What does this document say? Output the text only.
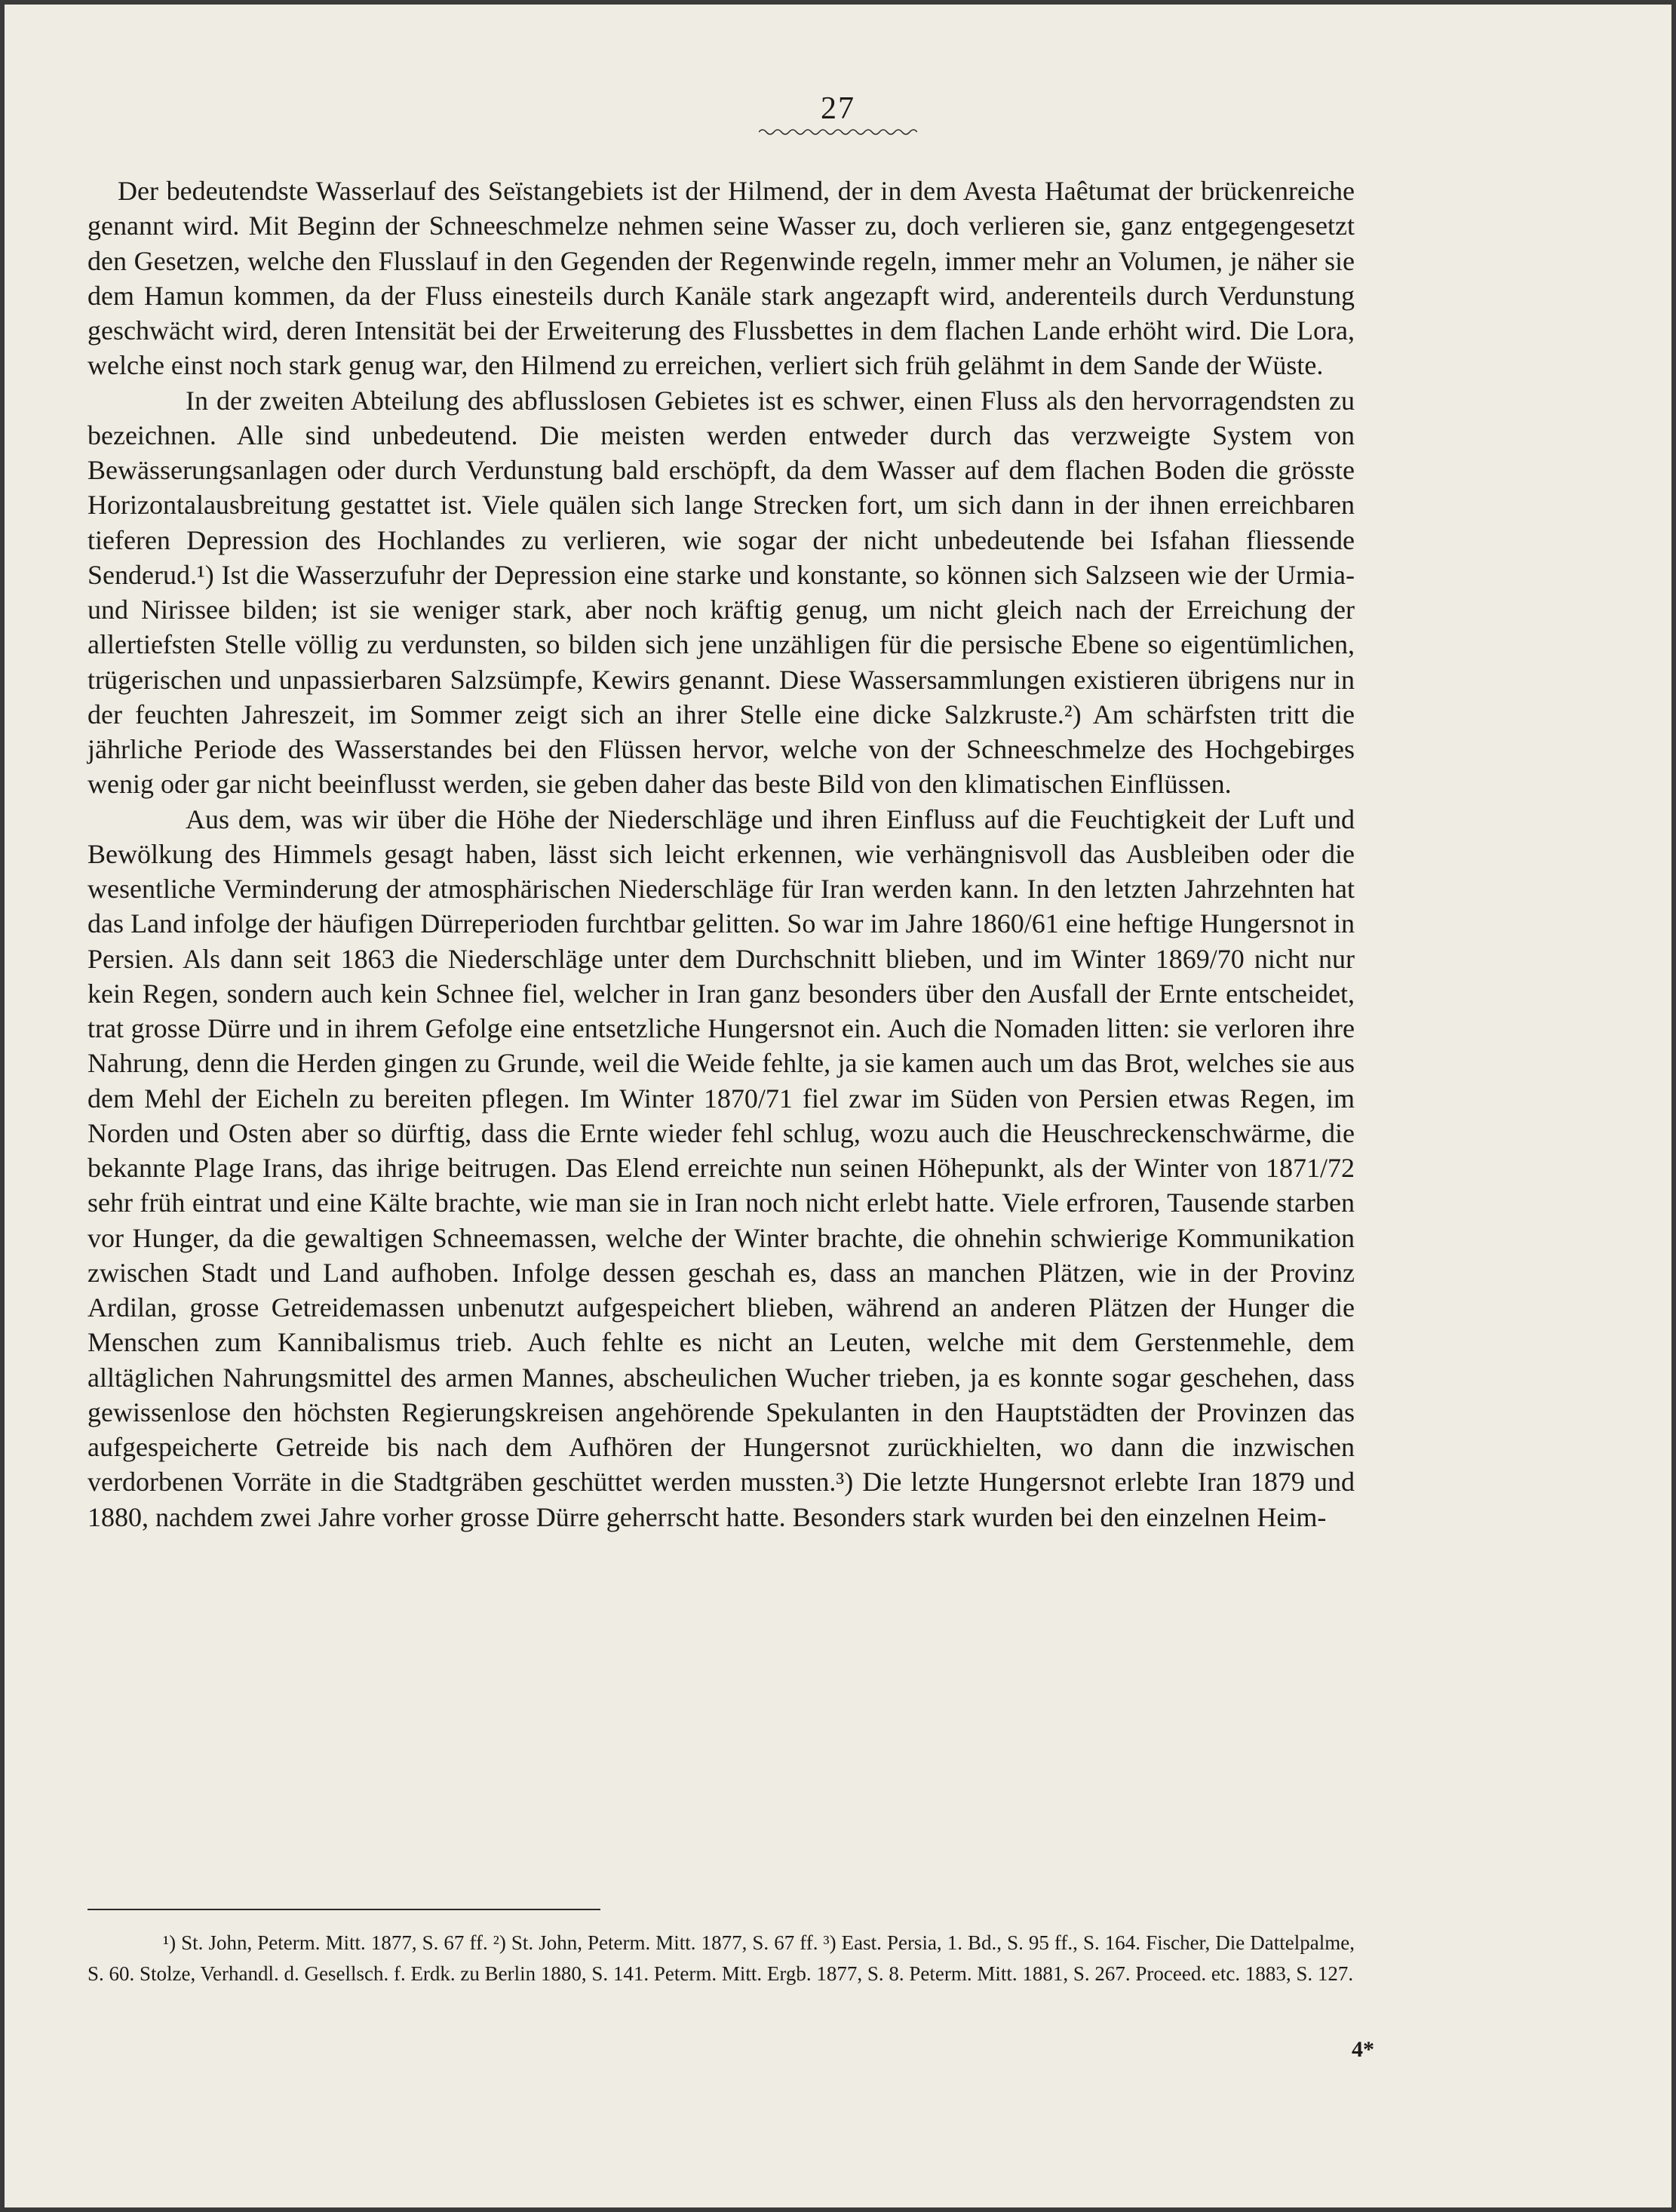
27

Der bedeutendste Wasserlauf des Seïstangebiets ist der Hilmend, der in dem Avesta Haêtumat der brückenreiche genannt wird. Mit Beginn der Schneeschmelze nehmen seine Wasser zu, doch verlieren sie, ganz entgegengesetzt den Gesetzen, welche den Flusslauf in den Gegenden der Regenwinde regeln, immer mehr an Volumen, je näher sie dem Hamun kommen, da der Fluss einesteils durch Kanäle stark angezapft wird, anderenteils durch Verdunstung geschwächt wird, deren Intensität bei der Erweiterung des Flussbettes in dem flachen Lande erhöht wird. Die Lora, welche einst noch stark genug war, den Hilmend zu erreichen, verliert sich früh gelähmt in dem Sande der Wüste.

In der zweiten Abteilung des abflusslosen Gebietes ist es schwer, einen Fluss als den hervorragendsten zu bezeichnen. Alle sind unbedeutend. Die meisten werden entweder durch das verzweigte System von Bewässerungsanlagen oder durch Verdunstung bald erschöpft, da dem Wasser auf dem flachen Boden die grösste Horizontalausbreitung gestattet ist. Viele quälen sich lange Strecken fort, um sich dann in der ihnen erreichbaren tieferen Depression des Hochlandes zu verlieren, wie sogar der nicht unbedeutende bei Isfahan fliessende Senderud.¹) Ist die Wasserzufuhr der Depression eine starke und konstante, so können sich Salzseen wie der Urmia- und Nirissee bilden; ist sie weniger stark, aber noch kräftig genug, um nicht gleich nach der Erreichung der allertiefsten Stelle völlig zu verdunsten, so bilden sich jene unzähligen für die persische Ebene so eigentümlichen, trügerischen und unpassierbaren Salzsümpfe, Kewirs genannt. Diese Wassersammlungen existieren übrigens nur in der feuchten Jahreszeit, im Sommer zeigt sich an ihrer Stelle eine dicke Salzkruste.²) Am schärfsten tritt die jährliche Periode des Wasserstandes bei den Flüssen hervor, welche von der Schneeschmelze des Hochgebirges wenig oder gar nicht beeinflusst werden, sie geben daher das beste Bild von den klimatischen Einflüssen.

Aus dem, was wir über die Höhe der Niederschläge und ihren Einfluss auf die Feuchtigkeit der Luft und Bewölkung des Himmels gesagt haben, lässt sich leicht erkennen, wie verhängnisvoll das Ausbleiben oder die wesentliche Verminderung der atmosphärischen Niederschläge für Iran werden kann. In den letzten Jahrzehnten hat das Land infolge der häufigen Dürreperioden furchtbar gelitten. So war im Jahre 1860/61 eine heftige Hungersnot in Persien. Als dann seit 1863 die Niederschläge unter dem Durchschnitt blieben, und im Winter 1869/70 nicht nur kein Regen, sondern auch kein Schnee fiel, welcher in Iran ganz besonders über den Ausfall der Ernte entscheidet, trat grosse Dürre und in ihrem Gefolge eine entsetzliche Hungersnot ein. Auch die Nomaden litten: sie verloren ihre Nahrung, denn die Herden gingen zu Grunde, weil die Weide fehlte, ja sie kamen auch um das Brot, welches sie aus dem Mehl der Eicheln zu bereiten pflegen. Im Winter 1870/71 fiel zwar im Süden von Persien etwas Regen, im Norden und Osten aber so dürftig, dass die Ernte wieder fehl schlug, wozu auch die Heuschreckenschwärme, die bekannte Plage Irans, das ihrige beitrugen. Das Elend erreichte nun seinen Höhepunkt, als der Winter von 1871/72 sehr früh eintrat und eine Kälte brachte, wie man sie in Iran noch nicht erlebt hatte. Viele erfroren, Tausende starben vor Hunger, da die gewaltigen Schneemassen, welche der Winter brachte, die ohnehin schwierige Kommunikation zwischen Stadt und Land aufhoben. Infolge dessen geschah es, dass an manchen Plätzen, wie in der Provinz Ardilan, grosse Getreidemassen unbenutzt aufgespeichert blieben, während an anderen Plätzen der Hunger die Menschen zum Kannibalismus trieb. Auch fehlte es nicht an Leuten, welche mit dem Gerstenmehle, dem alltäglichen Nahrungsmittel des armen Mannes, abscheulichen Wucher trieben, ja es konnte sogar geschehen, dass gewissenlose den höchsten Regierungskreisen angehörende Spekulanten in den Hauptstädten der Provinzen das aufgespeicherte Getreide bis nach dem Aufhören der Hungersnot zurückhielten, wo dann die inzwischen verdorbenen Vorräte in die Stadtgräben geschüttet werden mussten.³) Die letzte Hungersnot erlebte Iran 1879 und 1880, nachdem zwei Jahre vorher grosse Dürre geherrscht hatte. Besonders stark wurden bei den einzelnen Heim-

¹) St. John, Peterm. Mitt. 1877, S. 67 ff. ²) St. John, Peterm. Mitt. 1877, S. 67 ff. ³) East. Persia, 1. Bd., S. 95 ff., S. 164. Fischer, Die Dattelpalme, S. 60. Stolze, Verhandl. d. Gesellsch. f. Erdk. zu Berlin 1880, S. 141. Peterm. Mitt. Ergb. 1877, S. 8. Peterm. Mitt. 1881, S. 267. Proceed. etc. 1883, S. 127.
4*
